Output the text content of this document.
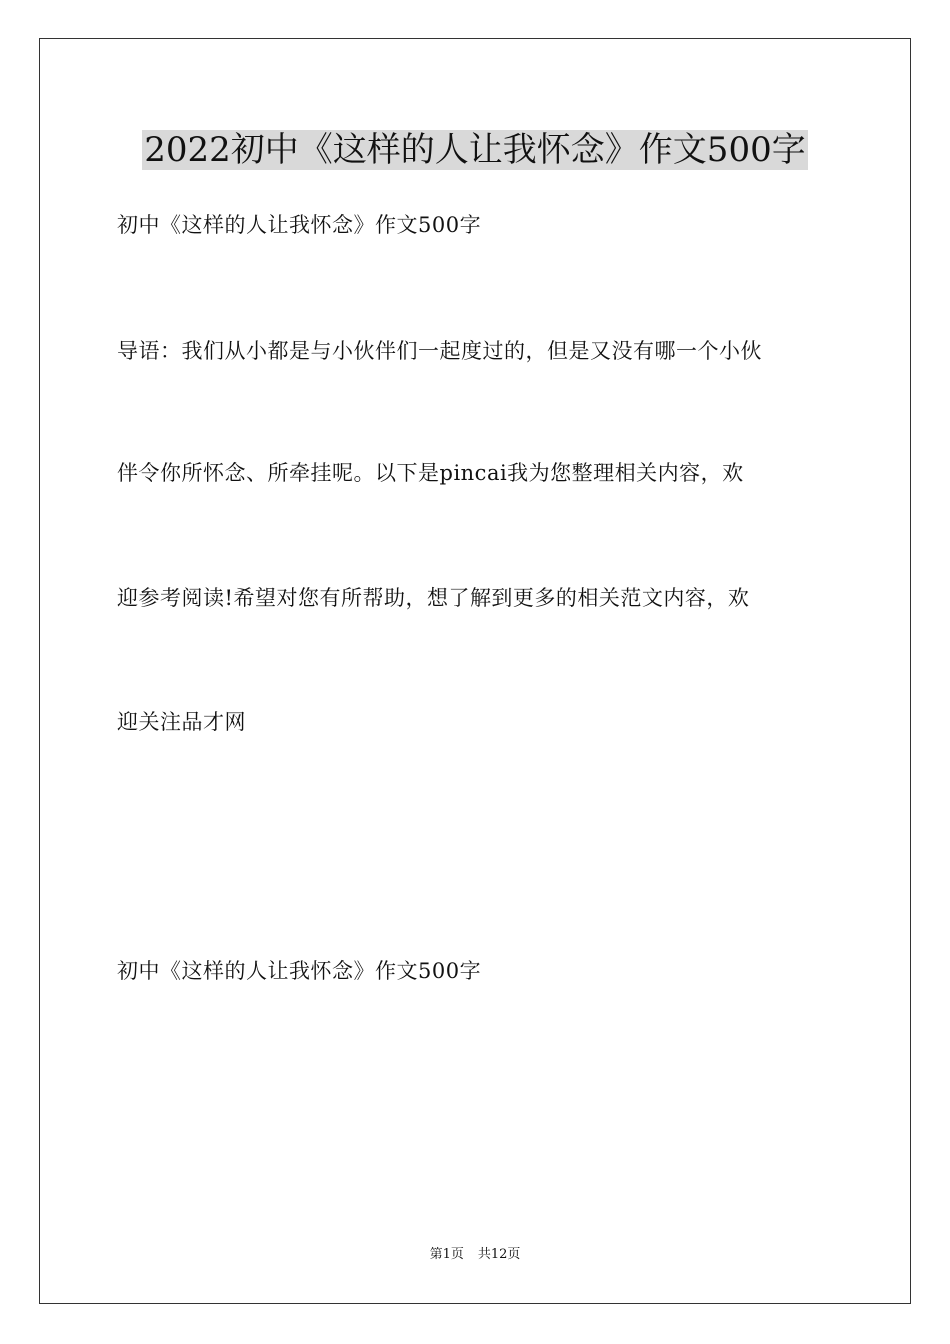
2022初中《这样的人让我怀念》作文500字

初中《这样的人让我怀念》作文500字

导语：我们从小都是与小伙伴们一起度过的，但是又没有哪一个小伙

伴令你所怀念、所牵挂呢。以下是pincai我为您整理相关内容，欢

迎参考阅读!希望对您有所帮助，想了解到更多的相关范文内容，欢

迎关注品才网

初中《这样的人让我怀念》作文500字

第1页 共12页
